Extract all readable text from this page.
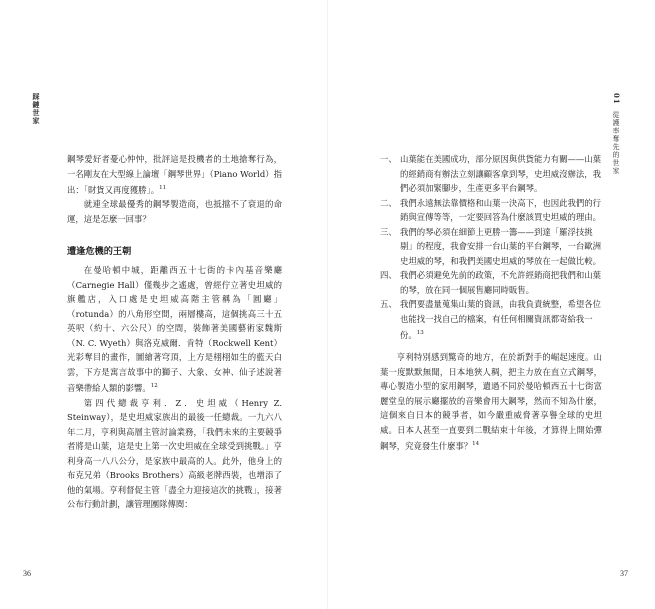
踩鏈世家

鋼琴愛好者憂心忡忡，批評這是投機者的土地搶奪行為，一名剛友在大型線上論壇「鋼琴世界」（Piano World）指出：「財貨又再度獲勝」。$^{11}$

就連全球最優秀的鋼琴製造商，也抵擋不了衰退的命運，這是怎麼一回事？

遭逢危機的王朝

在曼哈頓中城，距離西五十七街的卡內基音樂廳（Carnegie Hall）僅幾步之遙處，曾經佇立著史坦威的旗艦店，入口處是史坦威高階主管稱為「圓廳」（rotunda）的八角形空間，兩層樓高，這個挑高三十五英呎（約十、六公尺）的空間，裝飾著美國藝術家魏斯（N. C. Wyeth）與洛克威爾．肯特（Rockwell Kent）光彩奪目的畫作，圖繪著穹頂，上方是栩栩如生的藍天白雲，下方是寓言故事中的獅子、大象、女神、仙子述說著音樂帶給人類的影響。$^{12}$

第四代總裁亨利．Z．史坦威（Henry Z. Steinway），是史坦威家族出的最後一任總裁。一九六八年二月，亨利與高層主管討論業務，「我們未來的主要競爭者將是山葉，這是史上第一次史坦威在全球受到挑戰。」亨利身高一八八公分，是家族中最高的人。此外，他身上的布克兄弟（Brooks Brothers）高級老牌西裝，也增添了他的氣場。亨利督促主管「盡全力迎接這次的挑戰」，接著公布行動計劃，讓管理團隊傳閱：

36
01 從護率奪先的世家
一、 山葉能在美國成功，部分原因與供貨能力有關——山葉的經銷商有辦法立刻讓顧客拿到琴，史坦威沒辦法，我們必須加緊腳步，生產更多平台鋼琴。
二、 我們永遠無法靠價格和山葉一決高下，也因此我們的行銷與宣傳等等，一定要回答為什麼該買史坦威的理由。
三、 我們的琴必須在細節上更勝一籌——到達「羅浮技挑剔」的程度，我會安排一台山葉的平台鋼琴，一台歐洲史坦威的琴，和我們美國史坦威的琴放在一起做比較。
四、 我們必須避免先前的政策，不允許經銷商把我們和山葉的琴，放在同一個展售廳同時販售。
五、 我們要盡量蒐集山葉的資訊，由我負責統整，希望各位也能找一找自己的檔案，有任何相關資訊都寄給我一份。$^{13}$

亨利特別感到驚奇的地方，在於新對手的崛起速度。山葉一度默默無聞，日本地狹人稠，把主力放在直立式鋼琴，專心製造小型的家用鋼琴，遺過不同於曼哈頓西五十七街富麗堂皇的展示廳擺放的音樂會用大鋼琴，然而不知為什麼，這個來自日本的競爭者，如今嚴重威脅著享譽全球的史坦威。日本人甚至一直要到二戰結束十年後，才算得上開始彈鋼琴，究竟發生什麼事？$^{14}$

37
